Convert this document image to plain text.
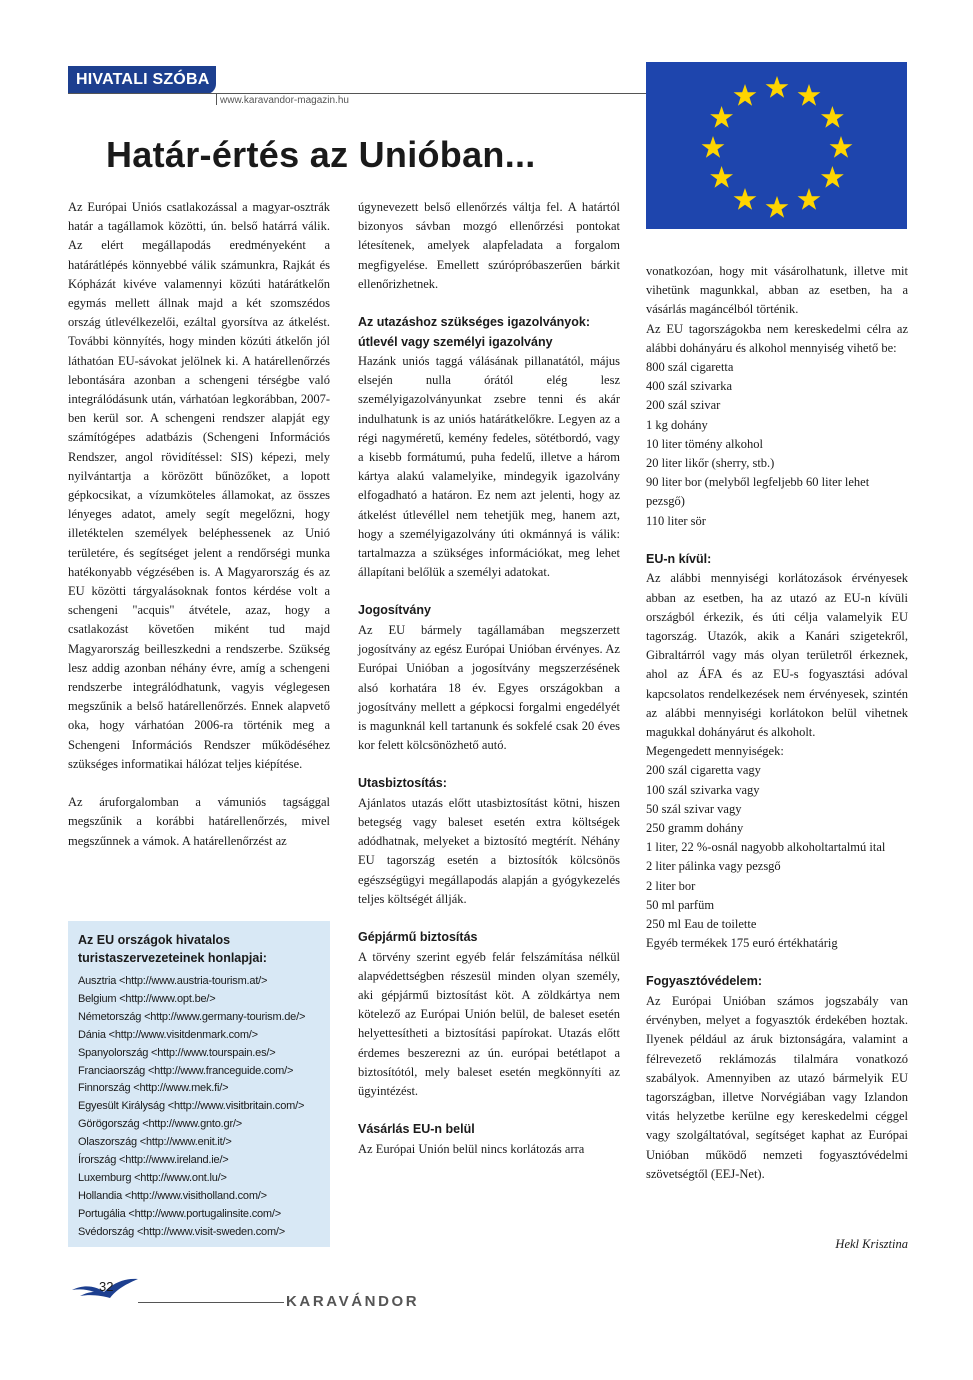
HIVATALI SZÓBA
www.karavandor-magazin.hu
Határ-értés az Unióban...

Az Európai Uniós csatlakozással a magyar-osztrák határ a tagállamok közötti, ún. belső határrá válik. Az elért megállapodás eredményeként a határátlépés könnyebbé válik számunkra, Rajkát és Kópházát kivéve valamennyi közúti határátkelőn egymás mellett állnak majd a két szomszédos ország útlevélkezelői, ezáltal gyorsítva az átkelést. További könnyítés, hogy minden közúti átkelőn jól láthatóan EU-sávokat jelölnek ki. A határellenőrzés lebontására azonban a schengeni térségbe való integrálódásunk után, várhatóan legkorábban, 2007-ben kerül sor. A schengeni rendszer alapját egy számítógépes adatbázis (Schengeni Információs Rendszer, angol rövidítéssel: SIS) képezi, mely nyilvántartja a körözött bűnözőket, a lopott gépkocsikat, a vízumköteles államokat, az összes lényeges adatot, amely segít megelőzni, hogy illetéktelen személyek beléphessenek az Unió területére, és segítséget jelent a rendőrségi munka hatékonyabb végzésében is. A Magyarország és az EU közötti tárgyalásoknak fontos kérdése volt a schengeni "acquis" átvétele, azaz, hogy a csatlakozást követően miként tud majd Magyarország beilleszkedni a rendszerbe. Szükség lesz addig azonban néhány évre, amíg a schengeni rendszerbe integrálódhatunk, vagyis véglegesen megszűnik a belső határellenőrzés. Ennek alapvető oka, hogy várhatóan 2006-ra történik meg a Schengeni Információs Rendszer működéséhez szükséges informatikai hálózat teljes kiépítése.

Az áruforgalomban a vámuniós tagsággal megszűnik a korábbi határellenőrzés, mivel megszűnnek a vámok. A határellenőrzést az

Az EU országok hivatalos turistaszervezeteinek honlapjai:
Ausztria <http://www.austria-tourism.at/>
Belgium <http://www.opt.be/>
Németország <http://www.germany-tourism.de/>
Dánia <http://www.visitdenmark.com/>
Spanyolország <http://www.tourspain.es/>
Franciaország <http://www.franceguide.com/>
Finnország <http://www.mek.fi/>
Egyesült Királyság <http://www.visitbritain.com/>
Görögország <http://www.gnto.gr/>
Olaszország <http://www.enit.it/>
Írország <http://www.ireland.ie/>
Luxemburg <http://www.ont.lu/>
Hollandia <http://www.visitholland.com/>
Portugália <http://www.portugalinsite.com/>
Svédország <http://www.visit-sweden.com/>

úgynevezett belső ellenőrzés váltja fel. A határtól bizonyos sávban mozgó ellenőrzési pontokat létesítenek, amelyek alapfeladata a forgalom megfigyelése. Emellett szúrópróbaszerűen bárkit ellenőrizhetnek.

Az utazáshoz szükséges igazolványok: útlevél vagy személyi igazolvány

Hazánk uniós taggá válásának pillanatától, május elsején nulla órától elég lesz személyigazolványunkat zsebre tenni és akár indulhatunk is az uniós határátkelőkre. Legyen az a régi nagyméretű, kemény fedeles, sötétbordó, vagy a kisebb formátumú, puha fedelű, illetve a három kártya alakú valamelyike, mindegyik igazolvány elfogadható a határon. Ez nem azt jelenti, hogy az átkelést útlevéllel nem tehetjük meg, hanem azt, hogy a személyigazolvány úti okmánnyá is válik: tartalmazza a szükséges információkat, meg lehet állapítani belőlük a személyi adatokat.

Jogosítvány

Az EU bármely tagállamában megszerzett jogosítvány az egész Európai Unióban érvényes. Az Európai Unióban a jogosítvány megszerzésének alsó korhatára 18 év. Egyes országokban a jogosítvány mellett a gépkocsi forgalmi engedélyét is magunknál kell tartanunk és sokfelé csak 20 éves kor felett kölcsönözhető autó.

Utasbiztosítás:

Ajánlatos utazás előtt utasbiztosítást kötni, hiszen betegség vagy baleset esetén extra költségek adódhatnak, melyeket a biztosító megtérít. Néhány EU tagország esetén a biztosítók kölcsönös egészségügyi megállapodás alapján a gyógykezelés teljes költségét állják.

Gépjármű biztosítás

A törvény szerint egyéb felár felszámítása nélkül alapvédettségben részesül minden olyan személy, aki gépjármű biztosítást köt. A zöldkártya nem kötelező az Európai Unión belül, de baleset esetén helyettesítheti a biztosítási papírokat. Utazás előtt érdemes beszerezni az ún. európai betétlapot a biztosítótól, mely baleset esetén megkönnyíti az ügyintézést.

Vásárlás EU-n belül

Az Európai Unión belül nincs korlátozás arra

vonatkozóan, hogy mit vásárolhatunk, illetve mit vihetünk magunkkal, abban az esetben, ha a vásárlás magáncélból történik.

Az EU tagországokba nem kereskedelmi célra az alábbi dohányáru és alkohol mennyiség vihető be:

800 szál cigaretta
400 szál szivarka
200 szál szivar
1 kg dohány
10 liter tömény alkohol
20 liter likőr (sherry, stb.)
90 liter bor (melyből legfeljebb 60 liter lehet pezsgő)
110 liter sör
EU-n kívül:

Az alábbi mennyiségi korlátozások érvényesek abban az esetben, ha az utazó az EU-n kívüli országból érkezik, és úti célja valamelyik EU tagország. Utazók, akik a Kanári szigetekről, Gibraltárról vagy más olyan területről érkeznek, ahol az ÁFA és az EU-s fogyasztási adóval kapcsolatos rendelkezések nem érvényesek, szintén az alábbi mennyiségi korlátokon belül vihetnek magukkal dohányárut és alkoholt.

Megengedett mennyiségek:

200 szál cigaretta vagy
100 szál szivarka vagy
50 szál szivar vagy
250 gramm dohány
1 liter, 22 %-osnál nagyobb alkoholtartalmú ital
2 liter pálinka vagy pezsgő
2 liter bor
50 ml parfüm
250 ml Eau de toilette
Egyéb termékek 175 euró értékhatárig
Fogyasztóvédelem:

Az Európai Unióban számos jogszabály van érvényben, melyet a fogyasztók érdekében hoztak. Ilyenek például az áruk biztonságára, valamint a félrevezető reklámozás tilalmára vonatkozó szabályok. Amennyiben az utazó bármelyik EU tagországban, illetve Norvégiában vagy Izlandon vitás helyzetbe kerülne egy kereskedelmi céggel vagy szolgáltatóval, segítséget kaphat az Európai Unióban működő nemzeti fogyasztóvédelmi szövetségtől (EEJ-Net).

Hekl Krisztina
32
KARAVÁNDOR
